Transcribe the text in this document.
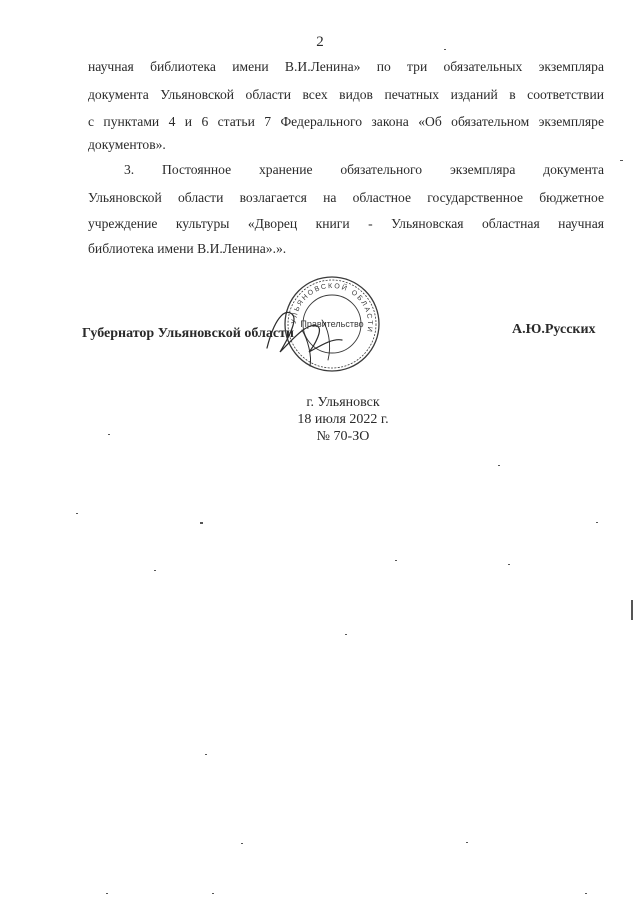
2
научная библиотека имени В.И.Ленина» по три обязательных экземпляра
документа Ульяновской области всех видов печатных изданий в соответствии
с пунктами 4 и 6 статьи 7 Федерального закона «Об обязательном экземпляре
документов».
3. Постоянное хранение обязательного экземпляра документа
Ульяновской области возлагается на областное государственное бюджетное
учреждение культуры «Дворец книги - Ульяновская областная научная
библиотека имени В.И.Ленина».».
Губернатор Ульяновской области	А.Ю.Русских
УЛЬЯНОВСКОЙ ОБЛАСТИ
Правительство
г. Ульяновск
18 июля 2022 г.
№ 70-ЗО
